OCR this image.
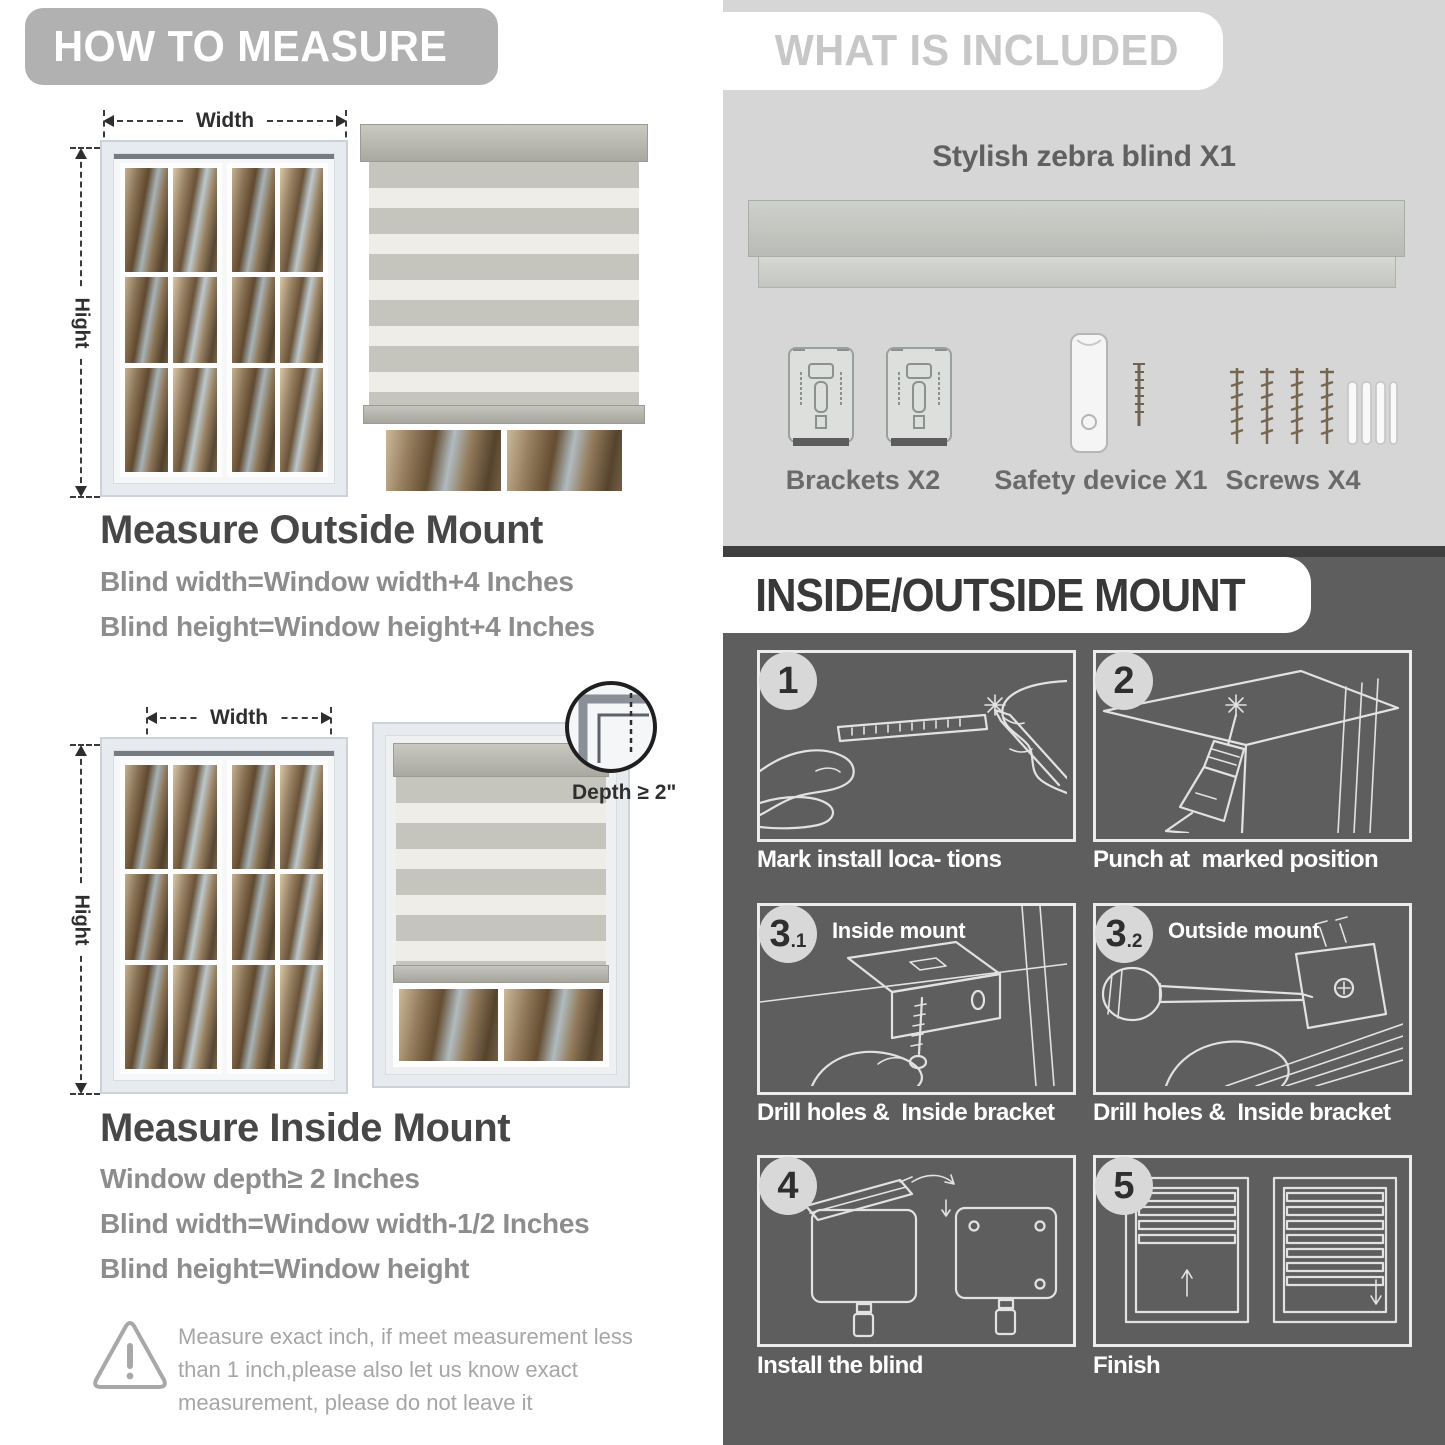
HOW TO MEASURE
Width
Hight
Measure Outside Mount
Blind width=Window width+4 Inches
Blind height=Window height+4 Inches
Width
Hight
Depth ≥ 2"
Measure Inside Mount
Window depth≥ 2 Inches
Blind width=Window width-1/2 Inches
Blind height=Window height
Measure exact inch, if meet measurement less than 1 inch,please also let us know exact measurement, please do not leave it
WHAT IS INCLUDED
Stylish zebra blind X1
Brackets X2	Safety device X1 Screws X4
INSIDE/OUTSIDE MOUNT
1
Mark install loca- tions
2
Punch at  marked position
3 .1 Inside mount
Drill holes &  Inside bracket
3 .2 Outside mount
Drill holes &  Inside bracket
4
Install the blind
5
Finish
